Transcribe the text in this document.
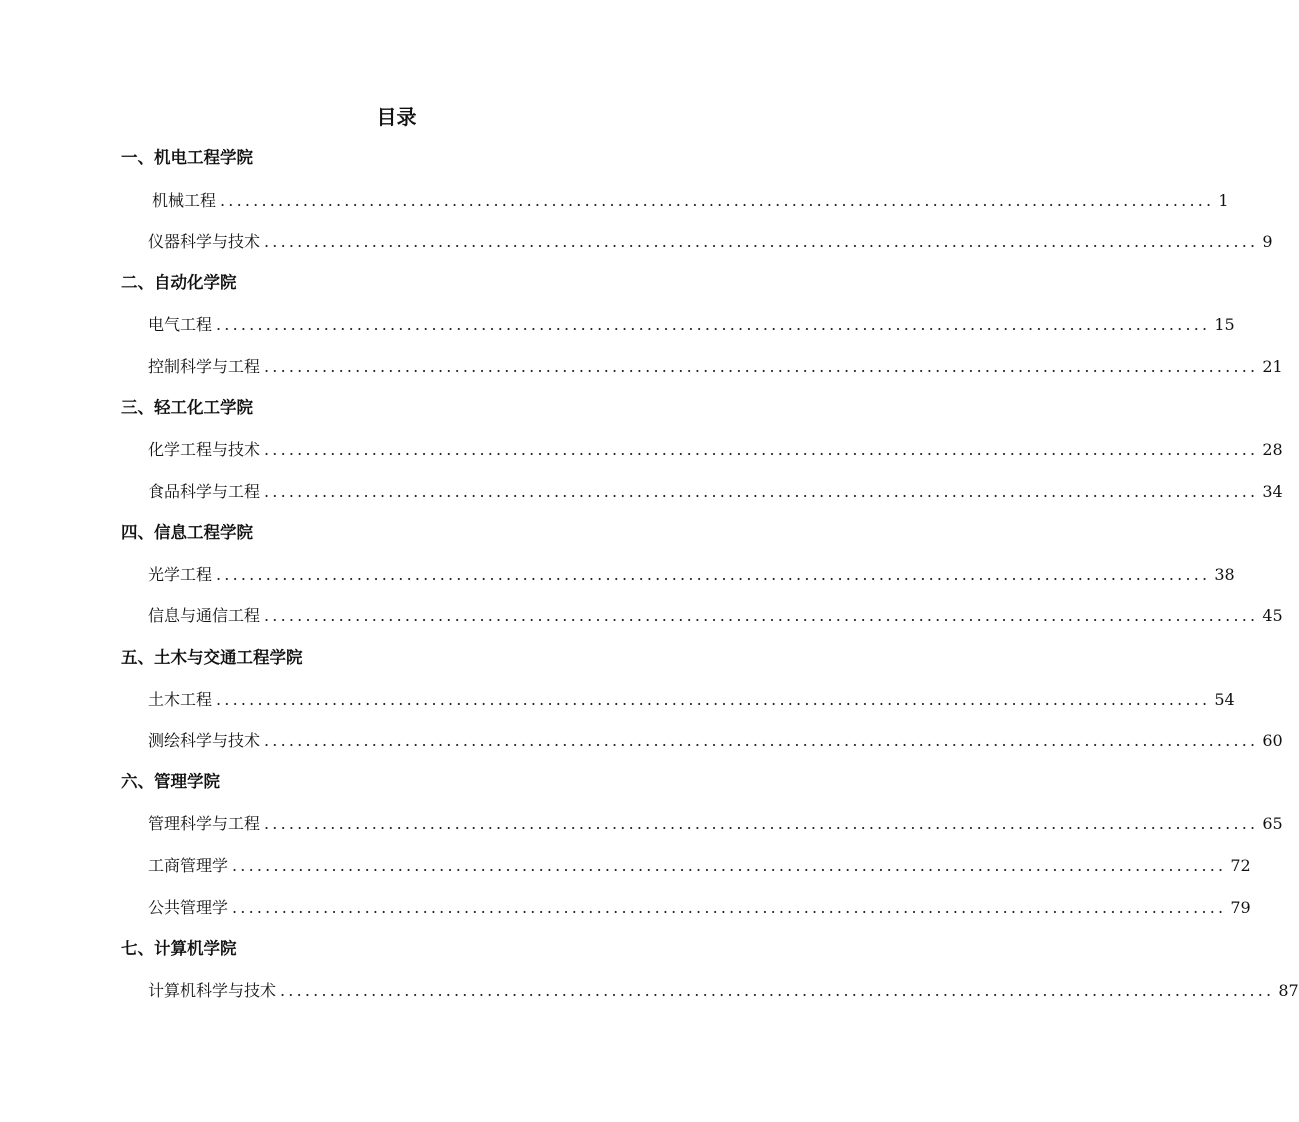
目录
一、机电工程学院
机械工程 ........................................................................................................................ 1
仪器科学与技术 ........................................................................................................................ 9
二、自动化学院
电气工程 ........................................................................................................................ 15
控制科学与工程 ........................................................................................................................ 21
三、轻工化工学院
化学工程与技术 ........................................................................................................................ 28
食品科学与工程 ........................................................................................................................ 34
四、信息工程学院
光学工程 ........................................................................................................................ 38
信息与通信工程 ........................................................................................................................ 45
五、土木与交通工程学院
土木工程 ........................................................................................................................ 54
测绘科学与技术 ........................................................................................................................ 60
六、管理学院
管理科学与工程 ........................................................................................................................ 65
工商管理学 ........................................................................................................................ 72
公共管理学 ........................................................................................................................ 79
七、计算机学院
计算机科学与技术 ........................................................................................................................ 87
